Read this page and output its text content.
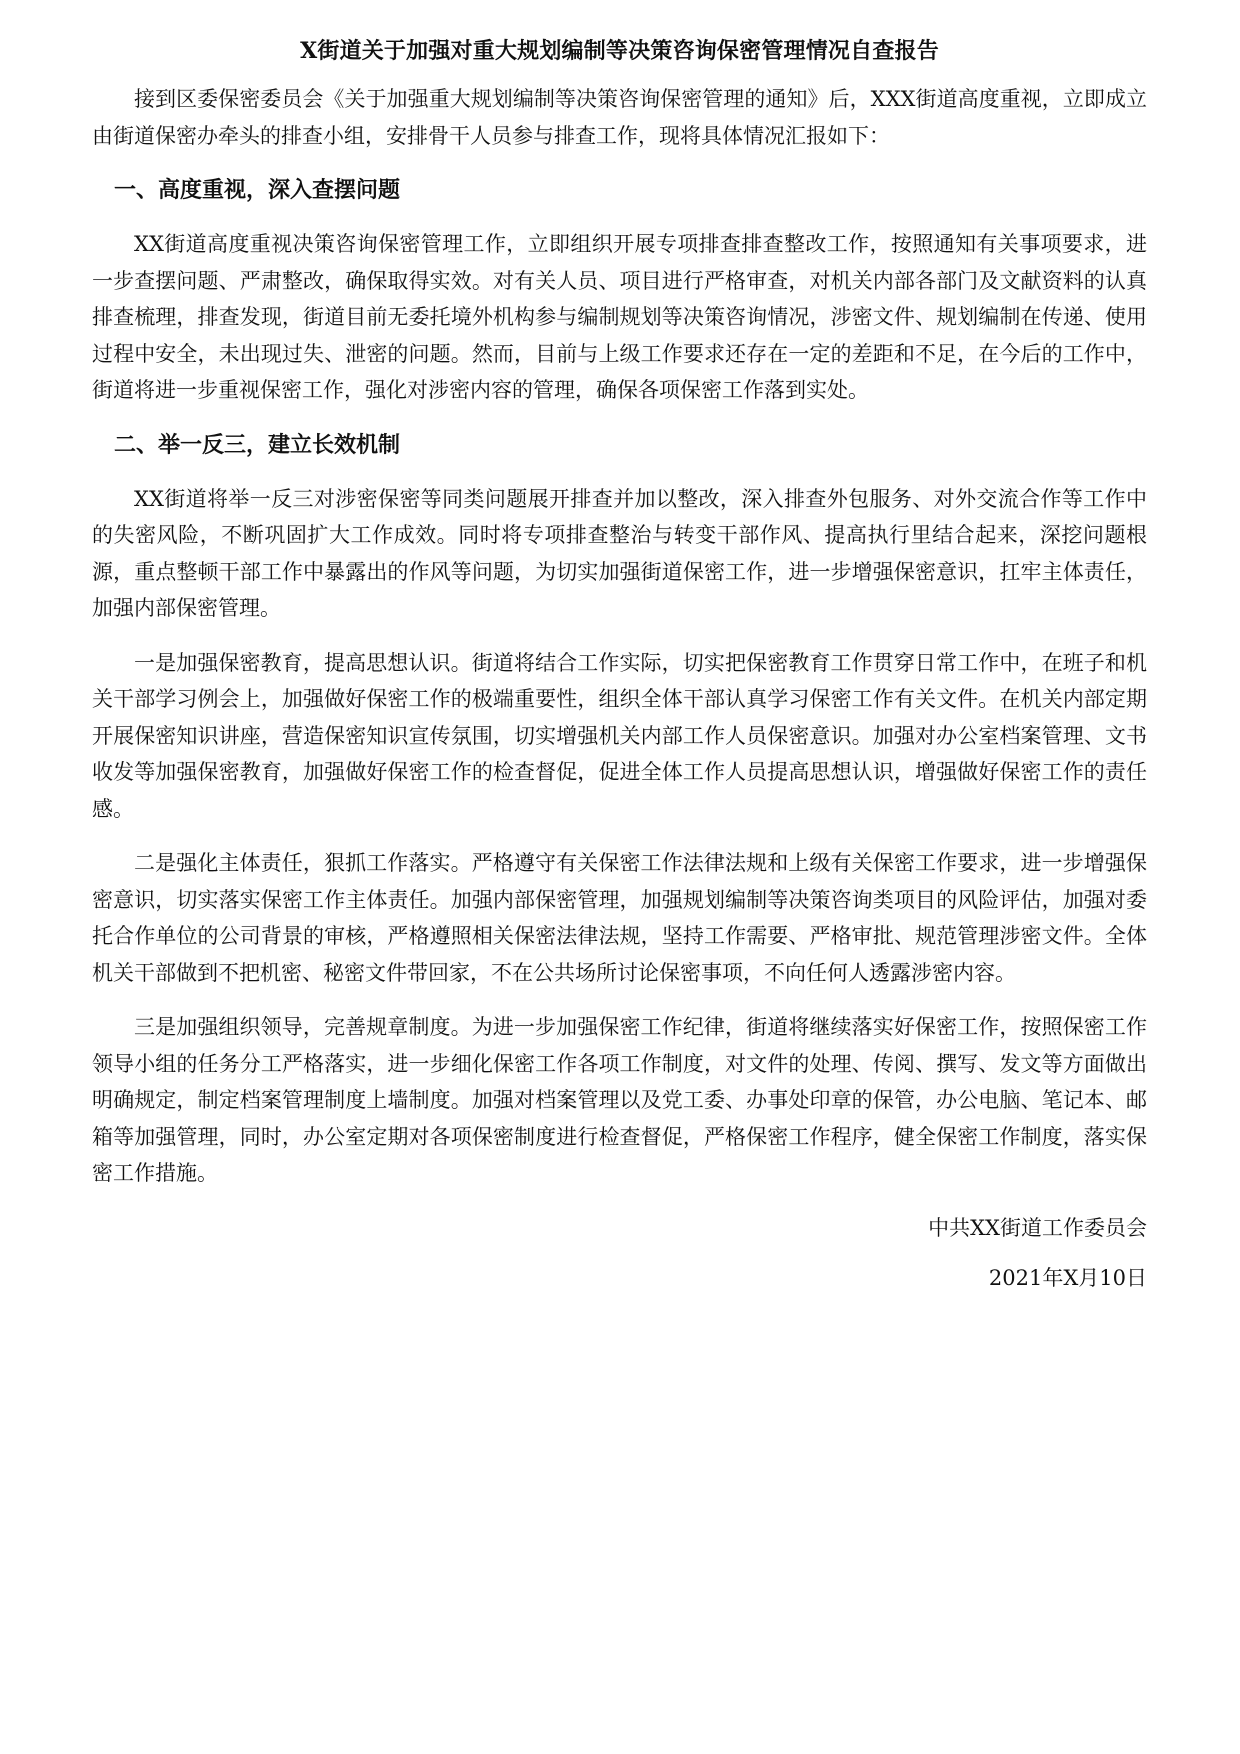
X街道关于加强对重大规划编制等决策咨询保密管理情况自查报告

接到区委保密委员会《关于加强重大规划编制等决策咨询保密管理的通知》后，XXX街道高度重视，立即成立由街道保密办牵头的排查小组，安排骨干人员参与排查工作，现将具体情况汇报如下：

一、高度重视，深入查摆问题

XX街道高度重视决策咨询保密管理工作，立即组织开展专项排查排查整改工作，按照通知有关事项要求，进一步查摆问题、严肃整改，确保取得实效。对有关人员、项目进行严格审查，对机关内部各部门及文献资料的认真排查梳理，排查发现，街道目前无委托境外机构参与编制规划等决策咨询情况，涉密文件、规划编制在传递、使用过程中安全，未出现过失、泄密的问题。然而，目前与上级工作要求还存在一定的差距和不足，在今后的工作中，街道将进一步重视保密工作，强化对涉密内容的管理，确保各项保密工作落到实处。

二、举一反三，建立长效机制

XX街道将举一反三对涉密保密等同类问题展开排查并加以整改，深入排查外包服务、对外交流合作等工作中的失密风险，不断巩固扩大工作成效。同时将专项排查整治与转变干部作风、提高执行里结合起来，深挖问题根源，重点整顿干部工作中暴露出的作风等问题，为切实加强街道保密工作，进一步增强保密意识，扛牢主体责任，加强内部保密管理。

一是加强保密教育，提高思想认识。街道将结合工作实际，切实把保密教育工作贯穿日常工作中，在班子和机关干部学习例会上，加强做好保密工作的极端重要性，组织全体干部认真学习保密工作有关文件。在机关内部定期开展保密知识讲座，营造保密知识宣传氛围，切实增强机关内部工作人员保密意识。加强对办公室档案管理、文书收发等加强保密教育，加强做好保密工作的检查督促，促进全体工作人员提高思想认识，增强做好保密工作的责任感。

二是强化主体责任，狠抓工作落实。严格遵守有关保密工作法律法规和上级有关保密工作要求，进一步增强保密意识，切实落实保密工作主体责任。加强内部保密管理，加强规划编制等决策咨询类项目的风险评估，加强对委托合作单位的公司背景的审核，严格遵照相关保密法律法规，坚持工作需要、严格审批、规范管理涉密文件。全体机关干部做到不把机密、秘密文件带回家，不在公共场所讨论保密事项，不向任何人透露涉密内容。

三是加强组织领导，完善规章制度。为进一步加强保密工作纪律，街道将继续落实好保密工作，按照保密工作领导小组的任务分工严格落实，进一步细化保密工作各项工作制度，对文件的处理、传阅、撰写、发文等方面做出明确规定，制定档案管理制度上墙制度。加强对档案管理以及党工委、办事处印章的保管，办公电脑、笔记本、邮箱等加强管理，同时，办公室定期对各项保密制度进行检查督促，严格保密工作程序，健全保密工作制度，落实保密工作措施。

中共XX街道工作委员会
2021年X月10日
